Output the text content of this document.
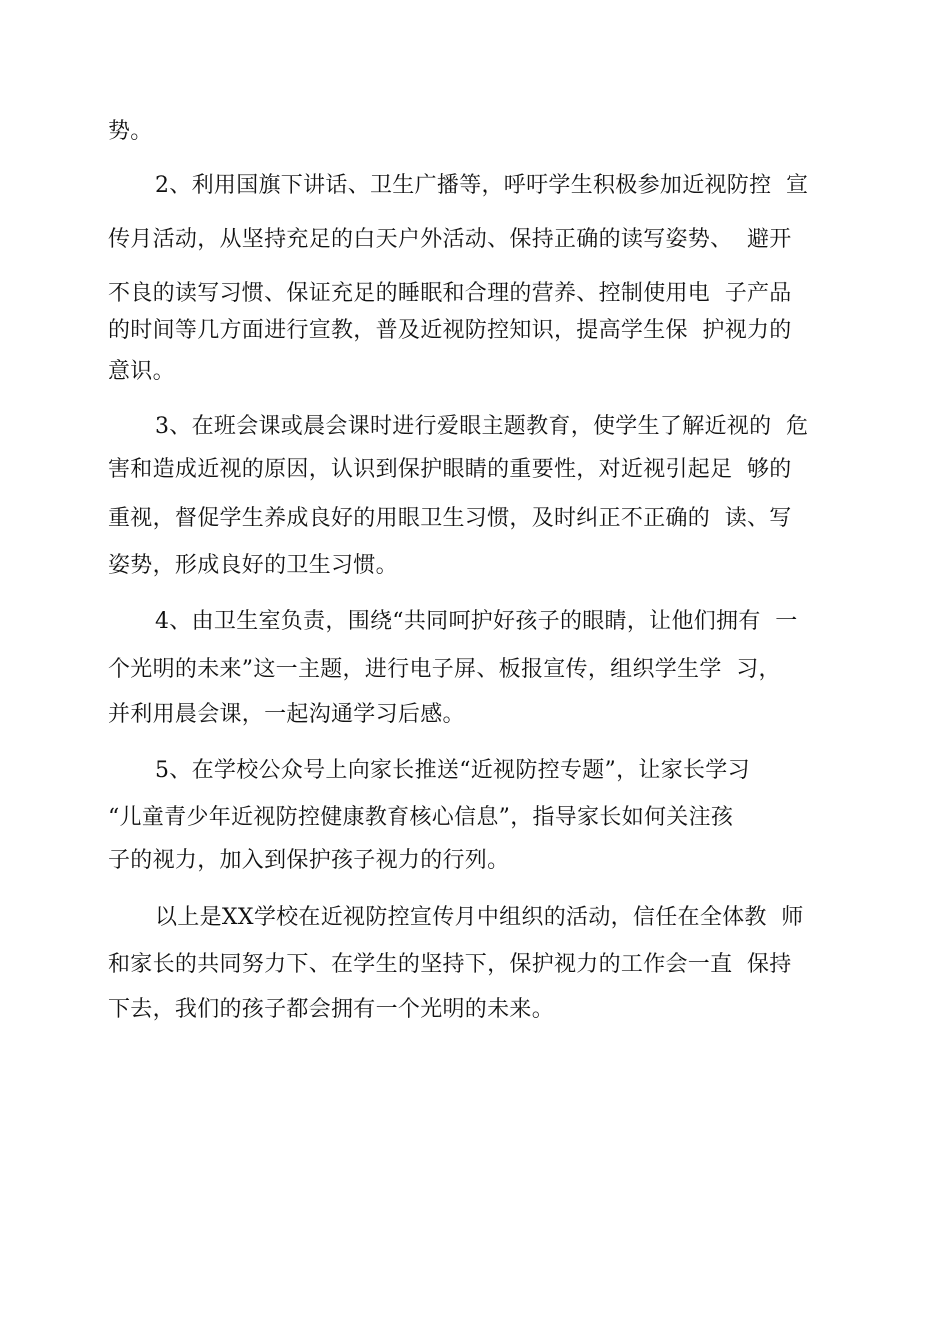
势。

2、利用国旗下讲话、卫生广播等，呼吁学生积极参加近视防控  宣

传月活动，从坚持充足的白天户外活动、保持正确的读写姿势、  避开

不良的读写习惯、保证充足的睡眠和合理的营养、控制使用电  子产品

的时间等几方面进行宣教，普及近视防控知识，提高学生保  护视力的

意识。

3、在班会课或晨会课时进行爱眼主题教育，使学生了解近视的  危

害和造成近视的原因，认识到保护眼睛的重要性，对近视引起足  够的

重视，督促学生养成良好的用眼卫生习惯，及时纠正不正确的  读、写

姿势，形成良好的卫生习惯。

4、由卫生室负责，围绕“共同呵护好孩子的眼睛，让他们拥有  一

个光明的未来”这一主题，进行电子屏、板报宣传，组织学生学  习，

并利用晨会课，一起沟通学习后感。

5、在学校公众号上向家长推送“近视防控专题”，让家长学习

“儿童青少年近视防控健康教育核心信息”，指导家长如何关注孩

子的视力，加入到保护孩子视力的行列。

以上是XX学校在近视防控宣传月中组织的活动，信任在全体教  师

和家长的共同努力下、在学生的坚持下，保护视力的工作会一直  保持

下去，我们的孩子都会拥有一个光明的未来。
